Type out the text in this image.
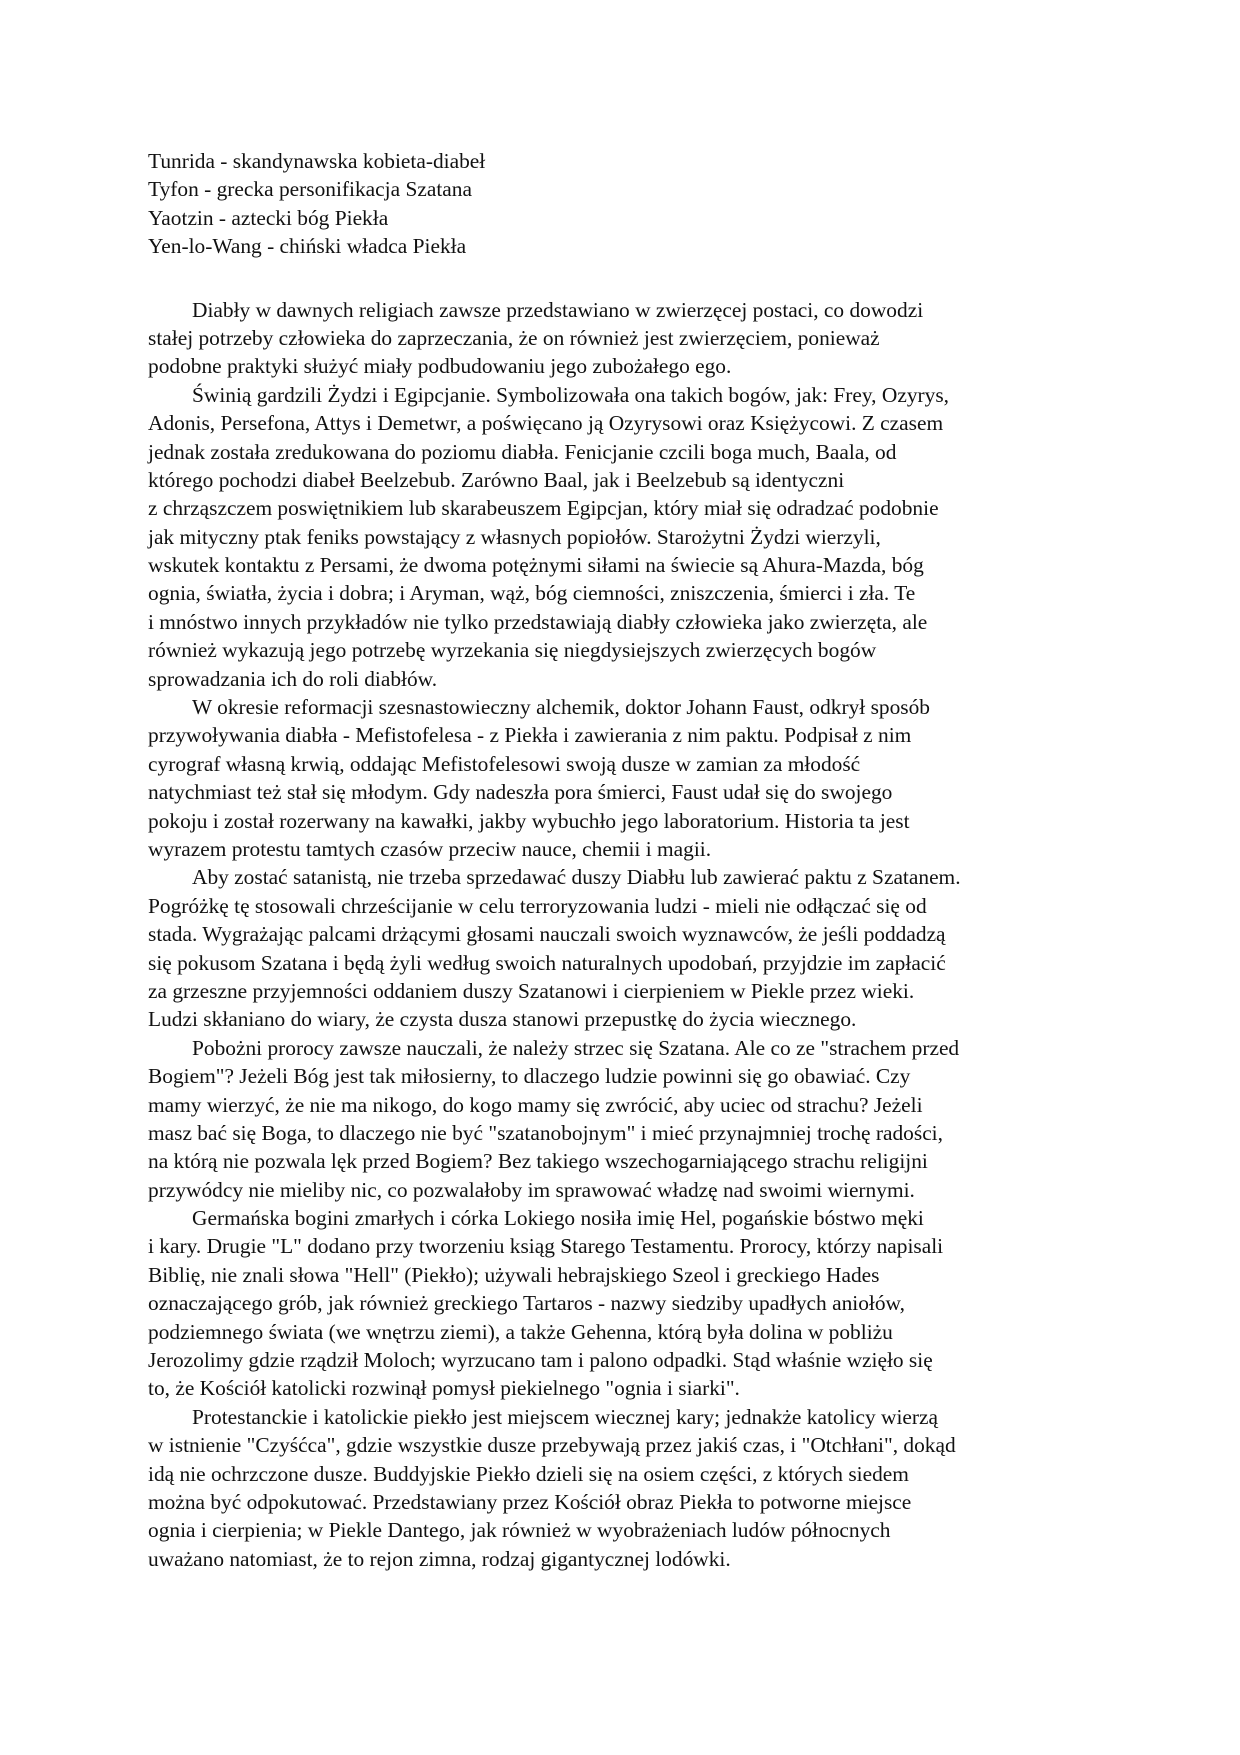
Tunrida - skandynawska kobieta-diabeł
Tyfon - grecka personifikacja Szatana
Yaotzin - aztecki bóg Piekła
Yen-lo-Wang - chiński władca Piekła
Diabły w dawnych religiach zawsze przedstawiano w zwierzęcej postaci, co dowodzi
stałej potrzeby człowieka do zaprzeczania, że on również jest zwierzęciem, ponieważ
podobne praktyki służyć miały podbudowaniu jego zubożałego ego.
Świnią gardzili Żydzi i Egipcjanie. Symbolizowała ona takich bogów, jak: Frey, Ozyrys,
Adonis, Persefona, Attys i Demetwr, a poświęcano ją Ozyrysowi oraz Księżycowi. Z czasem
jednak została zredukowana do poziomu diabła. Fenicjanie czcili boga much, Baala, od
którego pochodzi diabeł Beelzebub. Zarówno Baal, jak i Beelzebub są identyczni
z chrząszczem poswiętnikiem lub skarabeuszem Egipcjan, który miał się odradzać podobnie
jak mityczny ptak feniks powstający z własnych popiołów. Starożytni Żydzi wierzyli,
wskutek kontaktu z Persami, że dwoma potężnymi siłami na świecie są Ahura-Mazda, bóg
ognia, światła, życia i dobra; i Aryman, wąż, bóg ciemności, zniszczenia, śmierci i zła. Te
i mnóstwo innych przykładów nie tylko przedstawiają diabły człowieka jako zwierzęta, ale
również wykazują jego potrzebę wyrzekania się niegdysiejszych zwierzęcych bogów
sprowadzania ich do roli diabłów.
W okresie reformacji szesnastowieczny alchemik, doktor Johann Faust, odkrył sposób
przywoływania diabła - Mefistofelesa - z Piekła i zawierania z nim paktu. Podpisał z nim
cyrograf własną krwią, oddając Mefistofelesowi swoją dusze w zamian za młodość
natychmiast też stał się młodym. Gdy nadeszła pora śmierci, Faust udał się do swojego
pokoju i został rozerwany na kawałki, jakby wybuchło jego laboratorium. Historia ta jest
wyrazem protestu tamtych czasów przeciw nauce, chemii i magii.
Aby zostać satanistą, nie trzeba sprzedawać duszy Diabłu lub zawierać paktu z Szatanem.
Pogróżkę tę stosowali chrześcijanie w celu terroryzowania ludzi - mieli nie odłączać się od
stada. Wygrażając palcami drżącymi głosami nauczali swoich wyznawców, że jeśli poddadzą
się pokusom Szatana i będą żyli według swoich naturalnych upodobań, przyjdzie im zapłacić
za grzeszne przyjemności oddaniem duszy Szatanowi i cierpieniem w Piekle przez wieki.
Ludzi skłaniano do wiary, że czysta dusza stanowi przepustkę do życia wiecznego.
Pobożni prorocy zawsze nauczali, że należy strzec się Szatana. Ale co ze "strachem przed
Bogiem"? Jeżeli Bóg jest tak miłosierny, to dlaczego ludzie powinni się go obawiać. Czy
mamy wierzyć, że nie ma nikogo, do kogo mamy się zwrócić, aby uciec od strachu? Jeżeli
masz bać się Boga, to dlaczego nie być "szatanobojnym" i mieć przynajmniej trochę radości,
na którą nie pozwala lęk przed Bogiem? Bez takiego wszechogarniającego strachu religijni
przywódcy nie mieliby nic, co pozwalałoby im sprawować władzę nad swoimi wiernymi.
Germańska bogini zmarłych i córka Lokiego nosiła imię Hel, pogańskie bóstwo męki
i kary. Drugie "L" dodano przy tworzeniu ksiąg Starego Testamentu. Prorocy, którzy napisali
Biblię, nie znali słowa "Hell" (Piekło); używali hebrajskiego Szeol i greckiego Hades
oznaczającego grób, jak również greckiego Tartaros - nazwy siedziby upadłych aniołów,
podziemnego świata (we wnętrzu ziemi), a także Gehenna, którą była dolina w pobliżu
Jerozolimy gdzie rządził Moloch; wyrzucano tam i palono odpadki. Stąd właśnie wzięło się
to, że Kościół katolicki rozwinął pomysł piekielnego "ognia i siarki".
Protestanckie i katolickie piekło jest miejscem wiecznej kary; jednakże katolicy wierzą
w istnienie "Czyśćca", gdzie wszystkie dusze przebywają przez jakiś czas, i "Otchłani", dokąd
idą nie ochrzczone dusze. Buddyjskie Piekło dzieli się na osiem części, z których siedem
można być odpokutować. Przedstawiany przez Kościół obraz Piekła to potworne miejsce
ognia i cierpienia; w Piekle Dantego, jak również w wyobrażeniach ludów północnych
uważano natomiast, że to rejon zimna, rodzaj gigantycznej lodówki.
